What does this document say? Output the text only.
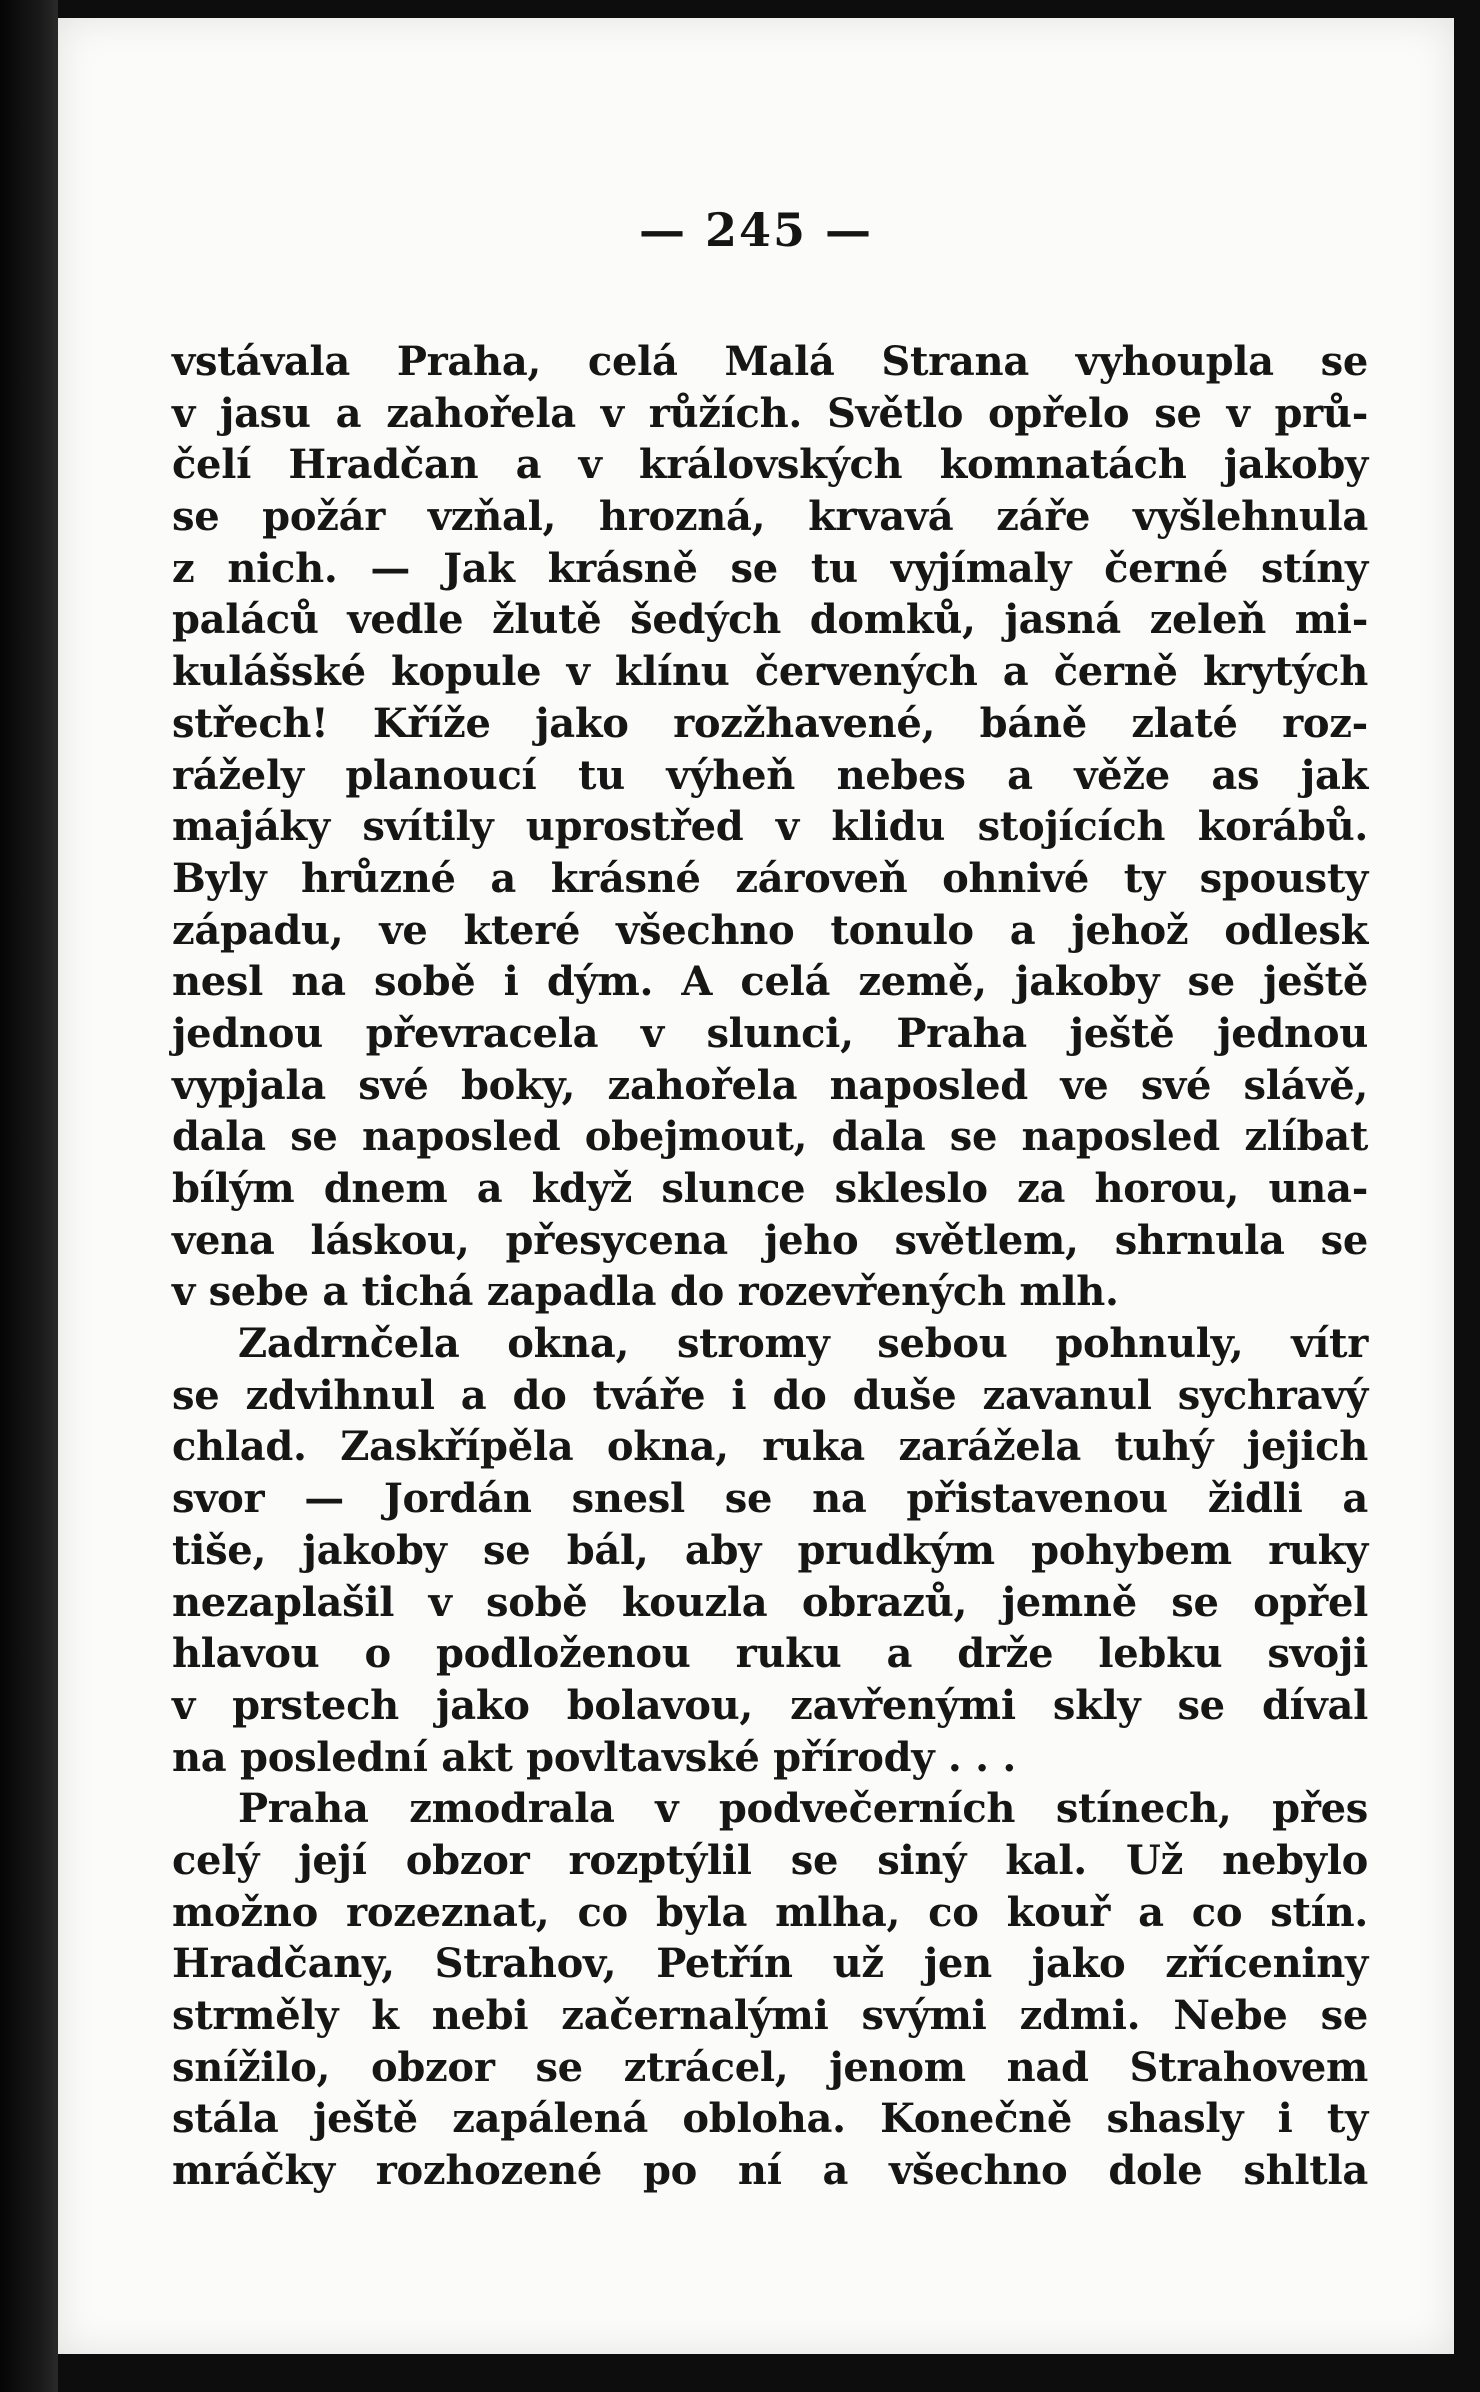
— 245 —
vstávala Praha, celá Malá Strana vyhoupla se
v jasu a zahořela v růžích. Světlo opřelo se v prů-
čelí Hradčan a v královských komnatách jakoby
se požár vzňal, hrozná, krvavá záře vyšlehnula
z nich. — Jak krásně se tu vyjímaly černé stíny
paláců vedle žlutě šedých domků, jasná zeleň mi-
kulášské kopule v klínu červených a černě krytých
střech! Kříže jako rozžhavené, báně zlaté roz-
rážely planoucí tu výheň nebes a věže as jak
majáky svítily uprostřed v klidu stojících korábů.
Byly hrůzné a krásné zároveň ohnivé ty spousty
západu, ve které všechno tonulo a jehož odlesk
nesl na sobě i dým. A celá země, jakoby se ještě
jednou převracela v slunci, Praha ještě jednou
vypjala své boky, zahořela naposled ve své slávě,
dala se naposled obejmout, dala se naposled zlíbat
bílým dnem a když slunce skleslo za horou, una-
vena láskou, přesycena jeho světlem, shrnula se
v sebe a tichá zapadla do rozevřených mlh.
Zadrnčela okna, stromy sebou pohnuly, vítr
se zdvihnul a do tváře i do duše zavanul sychravý
chlad. Zaskřípěla okna, ruka zarážela tuhý jejich
svor — Jordán snesl se na přistavenou židli a
tiše, jakoby se bál, aby prudkým pohybem ruky
nezaplašil v sobě kouzla obrazů, jemně se opřel
hlavou o podloženou ruku a drže lebku svoji
v prstech jako bolavou, zavřenými skly se díval
na poslední akt povltavské přírody . . .
Praha zmodrala v podvečerních stínech, přes
celý její obzor rozptýlil se siný kal. Už nebylo
možno rozeznat, co byla mlha, co kouř a co stín.
Hradčany, Strahov, Petřín už jen jako zříceniny
strměly k nebi začernalými svými zdmi. Nebe se
snížilo, obzor se ztrácel, jenom nad Strahovem
stála ještě zapálená obloha. Konečně shasly i ty
mráčky rozhozené po ní a všechno dole shltla
